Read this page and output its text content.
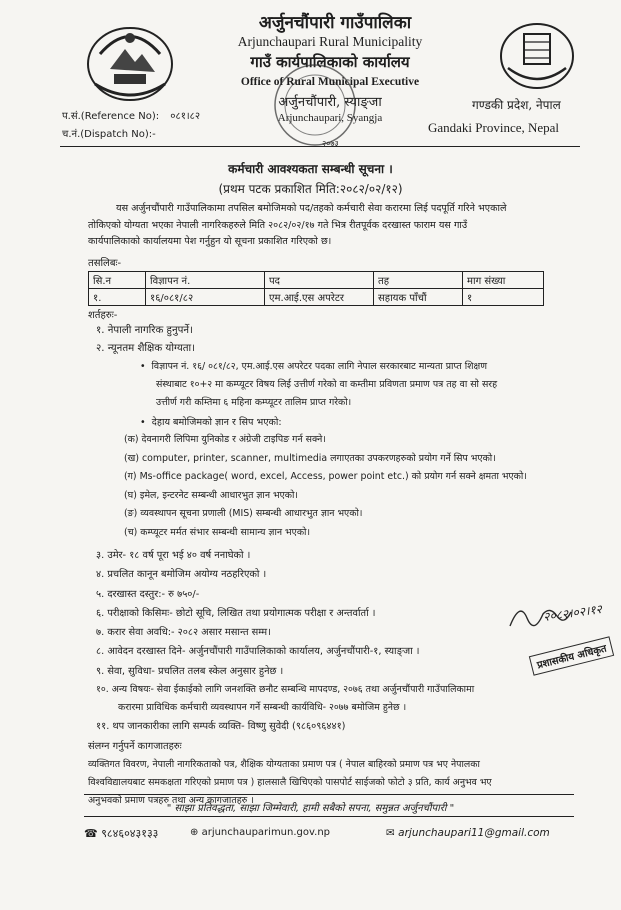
अर्जुनचौंपारी गाउँपालिका
Arjunchaupari Rural Municipality
गाउँ कार्यपालिकाको कार्यालय
Office of Rural Municipal Executive
अर्जुनचौंपारी, स्याङ्जा
Arjunchaupari, Syangja
२०७३
प.सं.(Reference No): ०८१।८२
च.नं.(Dispatch No):-
गण्डकी प्रदेश, नेपाल
Gandaki Province, Nepal
कर्मचारी आवश्यकता सम्बन्धी सूचना ।
(प्रथम पटक प्रकाशित मिति:२०८२/०२/१२)
यस अर्जुनचौंपारी गाउँपालिकामा तपसिल बमोजिमको पद/तहको कर्मचारी सेवा करारमा लिई पदपूर्ति गरिने भएकाले
तोकिएको योग्यता भएका नेपाली नागरिकहरुले मिति २०८२/०२/१७ गते भित्र रीतपूर्वक दरखास्त फाराम यस गाउँ
कार्यपालिकाको कार्यालयमा पेश गर्नुहुन यो सूचना प्रकाशित गरिएको छ।
तसलिबः-
सि.न	विज्ञापन नं.	पद	तह	माग संख्या
१.	१६/०८१/८२	एम.आई.एस अपरेटर	सहायक पाँचौं	१
शर्तहरुः-
१. नेपाली नागरिक हुनुपर्ने।
२. न्यूनतम शैक्षिक योग्यता।
•  विज्ञापन नं. १६/ ०८१/८२, एम.आई.एस अपरेटर पदका लागि नेपाल सरकारबाट मान्यता प्राप्त शिक्षण
संस्थाबाट १०+२ मा कम्प्यूटर विषय लिई उत्तीर्ण गरेको वा कम्तीमा प्रविणता प्रमाण पत्र तह वा सो सरह
उत्तीर्ण गरी कम्तिमा ६ महिना कम्प्यूटर तालिम प्राप्त गरेको।
•  देहाय बमोजिमको ज्ञान र सिप भएको:
(क) देवनागरी लिपिमा युनिकोड र अंग्रेजी टाइपिङ गर्न सक्ने।
(ख) computer, printer, scanner, multimedia लगाएतका उपकरणहरुको प्रयोग गर्ने सिप भएको।
(ग) Ms-office package( word, excel, Access, power point etc.) को प्रयोग गर्न सक्ने क्षमता भएको।
(घ) इमेल, इन्टरनेट सम्बन्धी आधारभुत ज्ञान भएको।
(ङ) व्यवस्थापन सूचना प्रणाली (MIS) सम्बन्धी आधारभुत ज्ञान भएको।
(च) कम्प्यूटर मर्मत संभार सम्बन्धी सामान्य ज्ञान भएको।
३. उमेर- १८ वर्ष पूरा भई ४० वर्ष ननाघेको ।
४. प्रचलित कानून बमोजिम अयोग्य नठहरिएको ।
५. दरखास्त दस्तुर:- रु ७५०/-
६. परीक्षाको किसिमः- छोटो सूचि, लिखित तथा प्रयोगात्मक परीक्षा र अन्तर्वार्ता ।
७. करार सेवा अवधि:- २०८२ असार मसान्त सम्म।
८. आवेदन दरखास्त दिने- अर्जुनचौंपारी गाउँपालिकाको कार्यालय, अर्जुनचौंपारी-१, स्याङ्जा ।
९. सेवा, सुविधा- प्रचलित तलब स्केल अनुसार हुनेछ ।
१०. अन्य विषयः- सेवा ईकाईको लागि जनशक्ति छनौट सम्बन्धि मापदण्ड, २०७६ तथा अर्जुनचौंपारी गाउँपालिकामा
करारमा प्राविधिक कर्मचारी व्यवस्थापन गर्ने सम्बन्धी कार्यविधि- २०७७ बमोजिम हुनेछ ।
११. थप जानकारीका लागि सम्पर्क व्यक्ति- विष्णु सुवेदी (९८६०९६४४१)
२०८२।०२।१२
प्रशासकीय अधिकृत
संलग्न गर्नुपर्ने कागजातहरुः
व्यक्तिगत विवरण, नेपाली नागरिकताको पत्र, शैक्षिक योग्यताका प्रमाण पत्र ( नेपाल बाहिरको प्रमाण पत्र भए नेपालका
विश्वविद्यालयबाट समकक्षता गरिएको प्रमाण पत्र ) हालसालै खिचिएको पासपोर्ट साईजको फोटो ३ प्रति, कार्य अनुभव भए
अनुभवको प्रमाण पत्रहरु तथा अन्य कागजातहरु ।
" साझा प्रतिवद्धता, साझा जिम्मेवारी, हामी सबैको सपना, समुन्नत अर्जुनचौंपारी "
☎ ९८४६०४३१३३	⊕ arjunchauparimun.gov.np	✉ arjunchaupari11@gmail.com
